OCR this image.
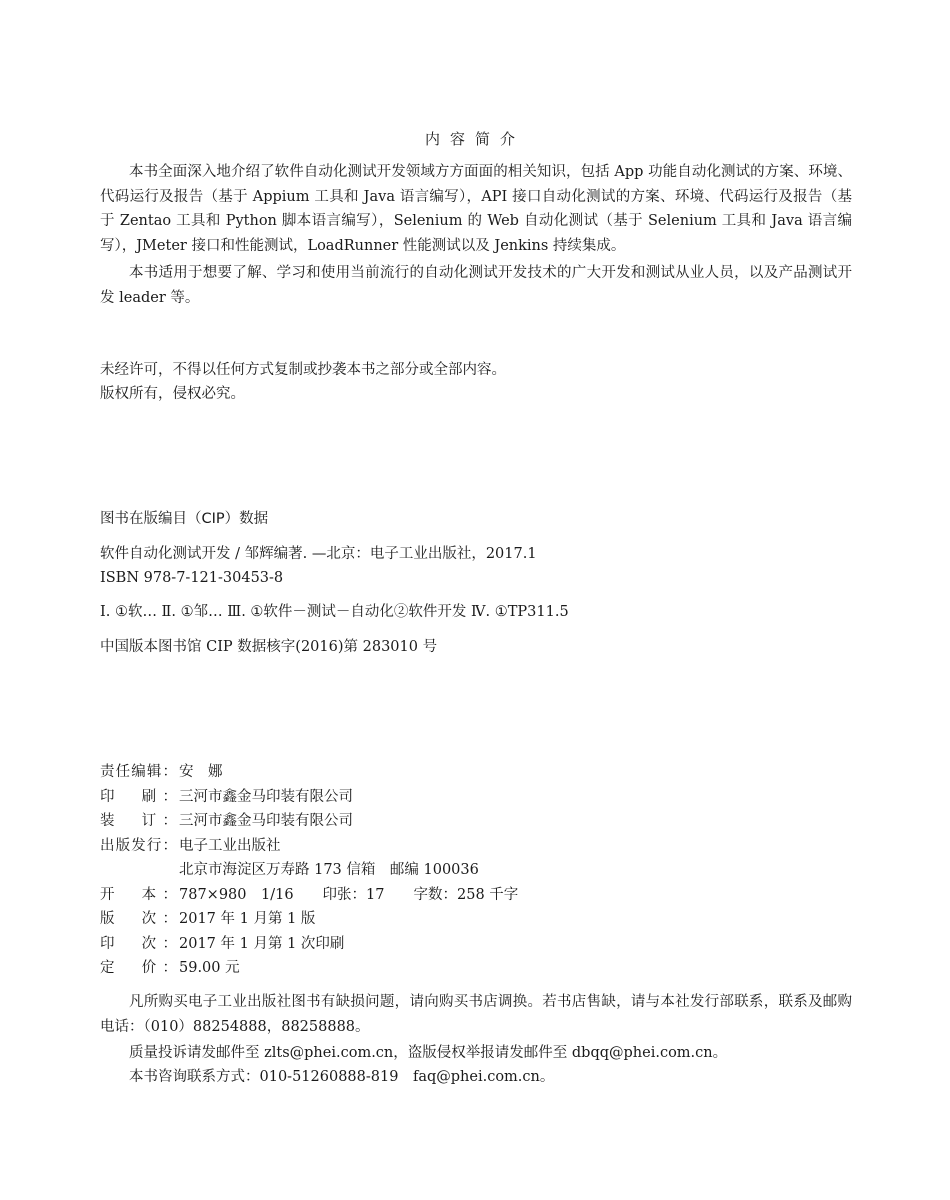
内容简介

本书全面深入地介绍了软件自动化测试开发领域方方面面的相关知识，包括 App 功能自动化测试的方案、环境、代码运行及报告（基于 Appium 工具和 Java 语言编写），API 接口自动化测试的方案、环境、代码运行及报告（基于 Zentao 工具和 Python 脚本语言编写），Selenium 的 Web 自动化测试（基于 Selenium 工具和 Java 语言编写），JMeter 接口和性能测试，LoadRunner 性能测试以及 Jenkins 持续集成。

本书适用于想要了解、学习和使用当前流行的自动化测试开发技术的广大开发和测试从业人员，以及产品测试开发 leader 等。

未经许可，不得以任何方式复制或抄袭本书之部分或全部内容。
版权所有，侵权必究。
图书在版编目（CIP）数据
软件自动化测试开发 / 邹辉编著. —北京：电子工业出版社，2017.1
ISBN 978-7-121-30453-8
Ⅰ. ①软… Ⅱ. ①邹… Ⅲ. ①软件－测试－自动化②软件开发 Ⅳ. ①TP311.5
中国版本图书馆 CIP 数据核字(2016)第 283010 号
责任编辑： 安　娜
印　刷： 三河市鑫金马印装有限公司
装　订： 三河市鑫金马印装有限公司
出版发行： 电子工业出版社
北京市海淀区万寿路 173 信箱　邮编 100036
开　本： 787×980　1/16　　印张：17　　字数：258 千字
版　次： 2017 年 1 月第 1 版
印　次： 2017 年 1 月第 1 次印刷
定　价： 59.00 元

凡所购买电子工业出版社图书有缺损问题，请向购买书店调换。若书店售缺，请与本社发行部联系，联系及邮购电话：（010）88254888，88258888。

质量投诉请发邮件至 zlts@phei.com.cn，盗版侵权举报请发邮件至 dbqq@phei.com.cn。
本书咨询联系方式：010-51260888-819　faq@phei.com.cn。
